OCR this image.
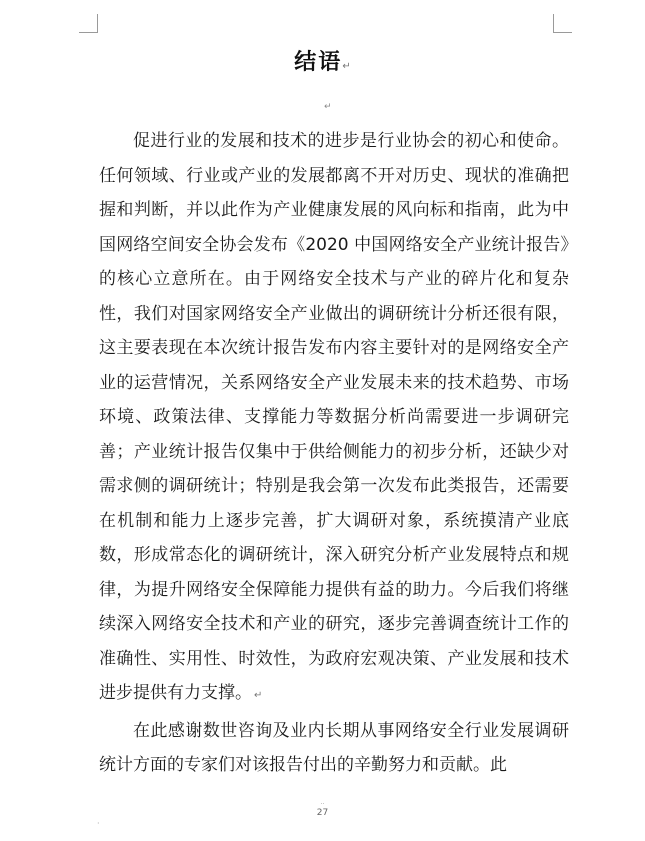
结语↵
↵

促进行业的发展和技术的进步是行业协会的初心和使命。任何领域、行业或产业的发展都离不开对历史、现状的准确把握和判断，并以此作为产业健康发展的风向标和指南，此为中国网络空间安全协会发布《2020 中国网络安全产业统计报告》的核心立意所在。由于网络安全技术与产业的碎片化和复杂性，我们对国家网络安全产业做出的调研统计分析还很有限，这主要表现在本次统计报告发布内容主要针对的是网络安全产业的运营情况，关系网络安全产业发展未来的技术趋势、市场环境、政策法律、支撑能力等数据分析尚需要进一步调研完善；产业统计报告仅集中于供给侧能力的初步分析，还缺少对需求侧的调研统计；特别是我会第一次发布此类报告，还需要在机制和能力上逐步完善，扩大调研对象，系统摸清产业底数，形成常态化的调研统计，深入研究分析产业发展特点和规律，为提升网络安全保障能力提供有益的助力。今后我们将继续深入网络安全技术和产业的研究，逐步完善调查统计工作的准确性、实用性、时效性，为政府宏观决策、产业发展和技术进步提供有力支撑。 ↵

在此感谢数世咨询及业内长期从事网络安全行业发展调研统计方面的专家们对该报告付出的辛勤努力和贡献。此

··
27
·
